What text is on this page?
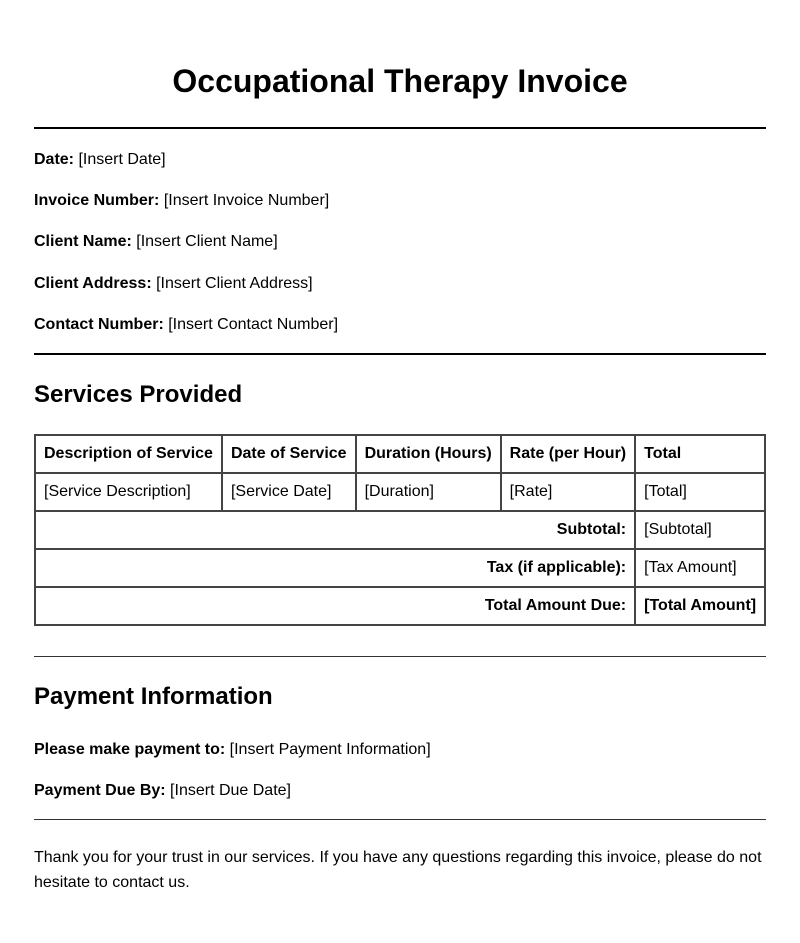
Occupational Therapy Invoice
Date: [Insert Date]
Invoice Number: [Insert Invoice Number]
Client Name: [Insert Client Name]
Client Address: [Insert Client Address]
Contact Number: [Insert Contact Number]
Services Provided
Description of Service	Date of Service	Duration (Hours)	Rate (per Hour)	Total
[Service Description]	[Service Date]	[Duration]	[Rate]	[Total]
Subtotal:				[Subtotal]
Tax (if applicable):				[Tax Amount]
Total Amount Due:				[Total Amount]
Payment Information
Please make payment to: [Insert Payment Information]
Payment Due By: [Insert Due Date]

Thank you for your trust in our services. If you have any questions regarding this invoice, please do not hesitate to contact us.
